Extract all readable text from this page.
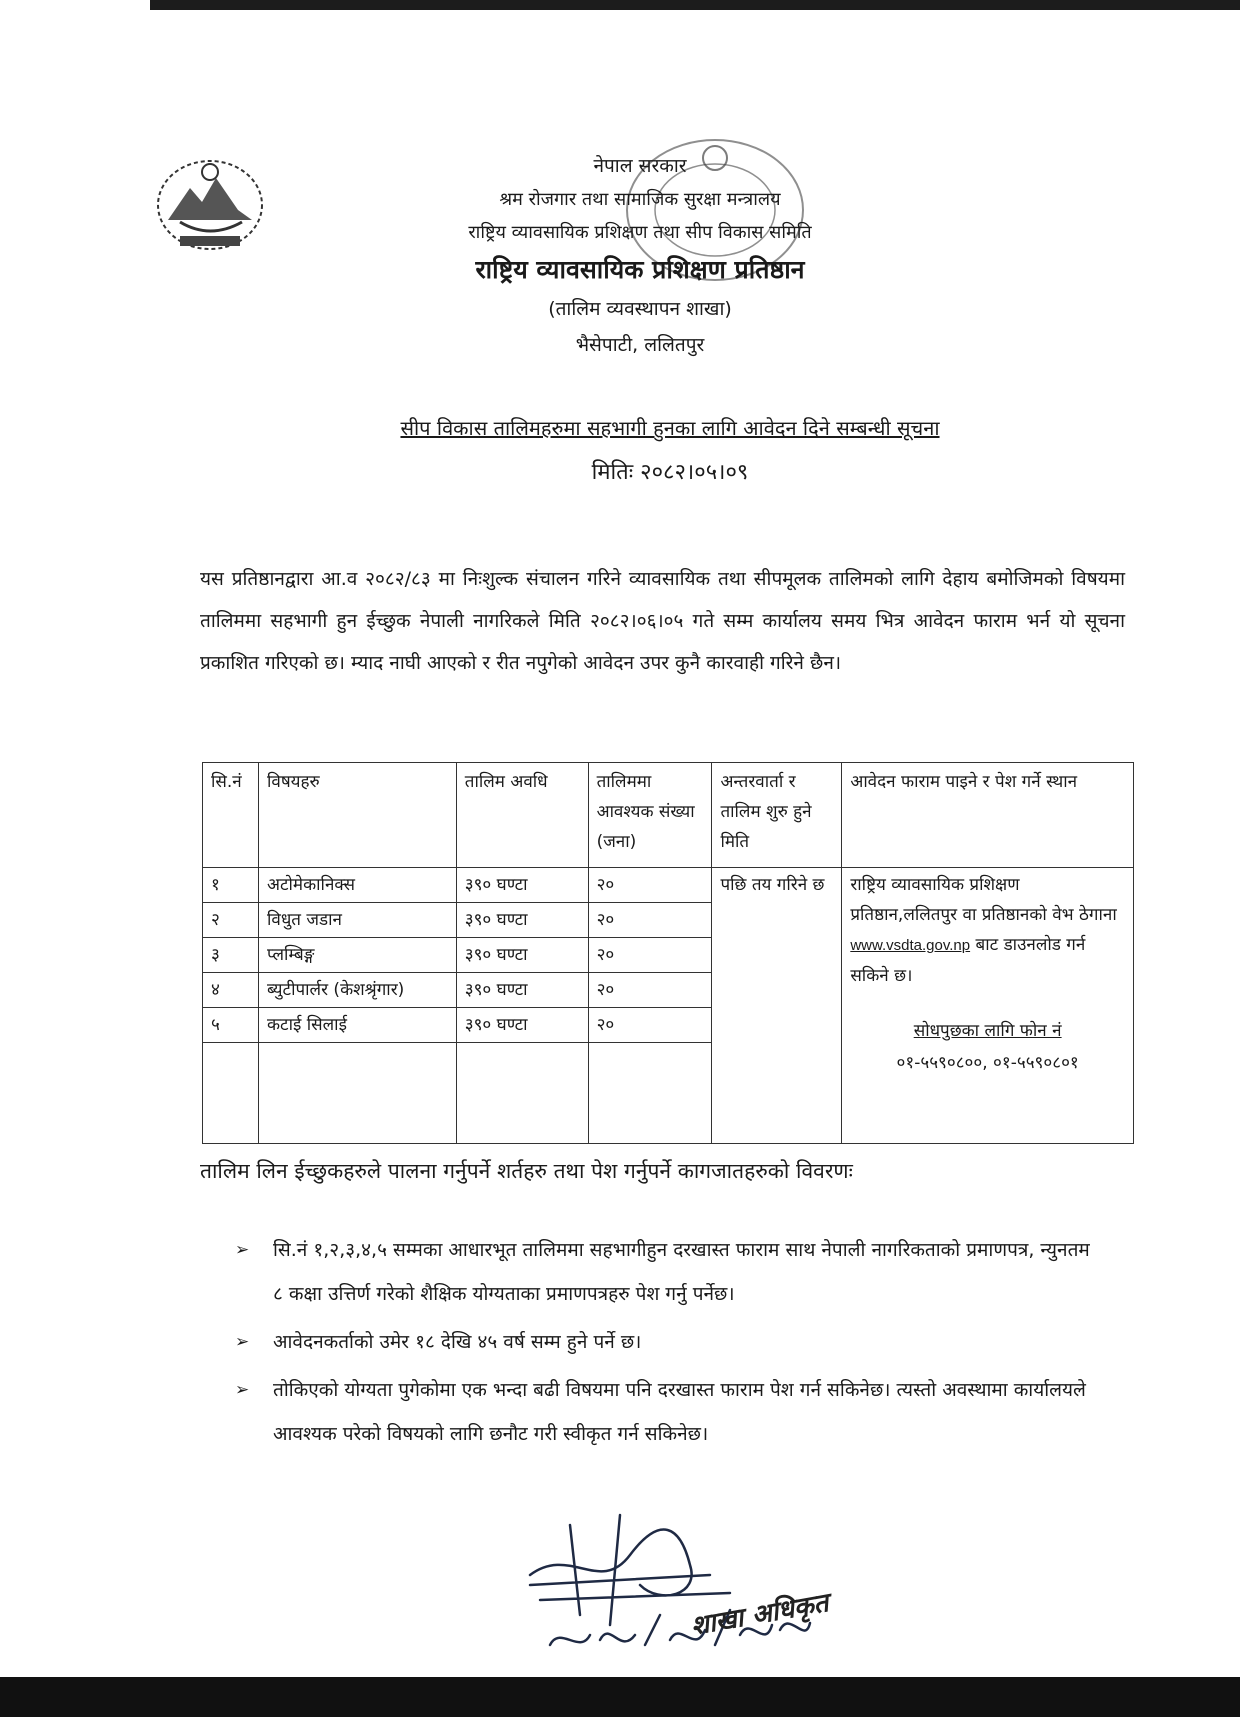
नेपाल सरकार
श्रम रोजगार तथा सामाजिक सुरक्षा मन्त्रालय
राष्ट्रिय व्यावसायिक प्रशिक्षण तथा सीप विकास समिति
राष्ट्रिय व्यावसायिक प्रशिक्षण प्रतिष्ठान
(तालिम व्यवस्थापन शाखा)
भैसेपाटी, ललितपुर
सीप विकास तालिमहरुमा सहभागी हुनका लागि आवेदन दिने सम्बन्धी सूचना
मितिः २०८२।०५।०९
यस प्रतिष्ठानद्वारा आ.व २०८२/८३ मा निःशुल्क संचालन गरिने व्यावसायिक तथा सीपमूलक तालिमको लागि देहाय बमोजिमको विषयमा तालिममा सहभागी हुन ईच्छुक नेपाली नागरिकले मिति २०८२।०६।०५ गते सम्म कार्यालय समय भित्र आवेदन फाराम भर्न यो सूचना प्रकाशित गरिएको छ। म्याद नाघी आएको र रीत नपुगेको आवेदन उपर कुनै कारवाही गरिने छैन।
सि.नं	विषयहरु	तालिम अवधि	तालिममा आवश्यक संख्या (जना)	अन्तरवार्ता र तालिम शुरु हुने मिति	आवेदन फाराम पाइने र पेश गर्ने स्थान
१	अटोमेकानिक्स	३९० घण्टा	२०	पछि तय गरिने छ	राष्ट्रिय व्यावसायिक प्रशिक्षण प्रतिष्ठान,ललितपुर वा प्रतिष्ठानको वेभ ठेगाना www.vsdta.gov.np बाट डाउनलोड गर्न सकिने छ।
सोधपुछका लागि फोन नं
०१-५५९०८००, ०१-५५९०८०१

२	विधुत जडान	३९० घण्टा	२०		
३	प्लम्बिङ्ग	३९० घण्टा	२०		
४	ब्युटीपार्लर (केशश्रृंगार)	३९० घण्टा	२०		
५	कटाई सिलाई	३९० घण्टा	२०		

तालिम लिन ईच्छुकहरुले पालना गर्नुपर्ने शर्तहरु तथा पेश गर्नुपर्ने कागजातहरुको विवरणः
➢ सि.नं १,२,३,४,५ सम्मका आधारभूत तालिममा सहभागीहुन दरखास्त फाराम साथ नेपाली नागरिकताको प्रमाणपत्र, न्युनतम ८ कक्षा उत्तिर्ण गरेको शैक्षिक योग्यताका प्रमाणपत्रहरु पेश गर्नु पर्नेछ।
➢ आवेदनकर्ताको उमेर १८ देखि ४५ वर्ष सम्म हुने पर्ने छ।
➢ तोकिएको योग्यता पुगेकोमा एक भन्दा बढी विषयमा पनि दरखास्त फाराम पेश गर्न सकिनेछ। त्यस्तो अवस्थामा कार्यालयले आवश्यक परेको विषयको लागि छनौट गरी स्वीकृत गर्न सकिनेछ।
शाखा अधिकृत
